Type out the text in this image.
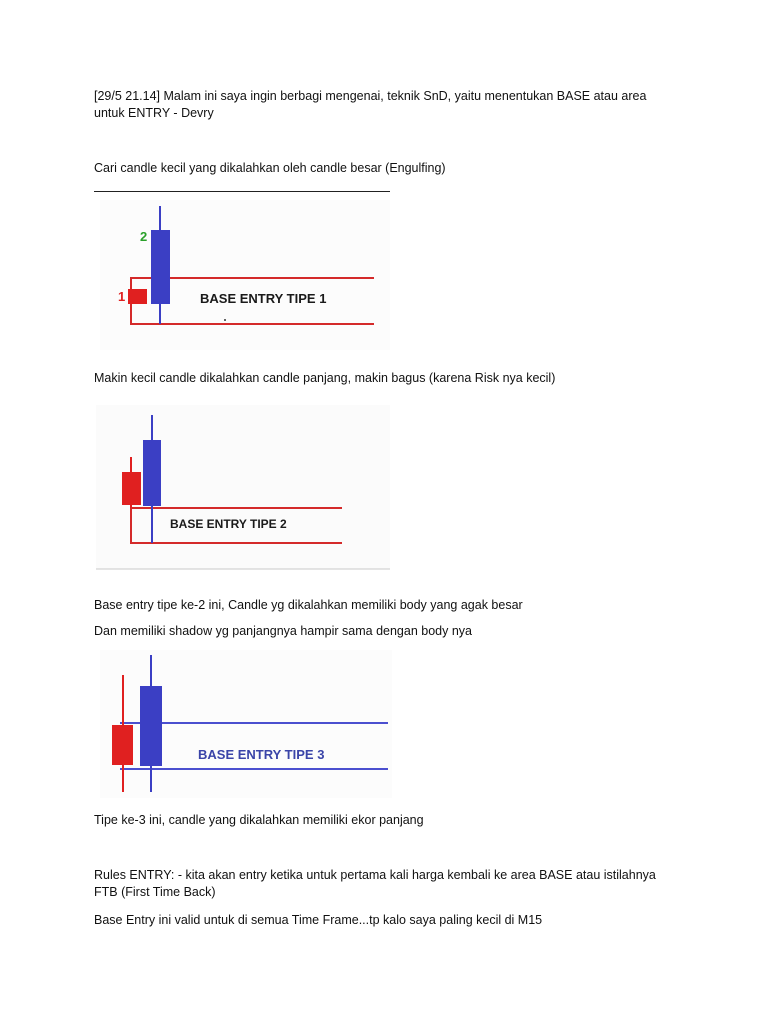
[29/5 21.14] Malam ini saya ingin berbagi mengenai, teknik SnD, yaitu menentukan BASE atau area

untuk ENTRY - Devry

Cari candle kecil yang dikalahkan oleh candle besar (Engulfing)

1
2
BASE ENTRY TIPE 1

Makin kecil candle dikalahkan candle panjang, makin bagus (karena Risk nya kecil)

BASE ENTRY TIPE 2

Base entry tipe ke-2 ini, Candle yg dikalahkan memiliki body yang agak besar

Dan memiliki shadow yg panjangnya hampir sama dengan body nya

BASE ENTRY TIPE 3

Tipe ke-3 ini, candle yang dikalahkan memiliki ekor panjang

Rules ENTRY: - kita akan entry ketika untuk pertama kali harga kembali ke area BASE atau istilahnya

FTB (First Time Back)

Base Entry ini valid untuk di semua Time Frame...tp kalo saya paling kecil di M15
